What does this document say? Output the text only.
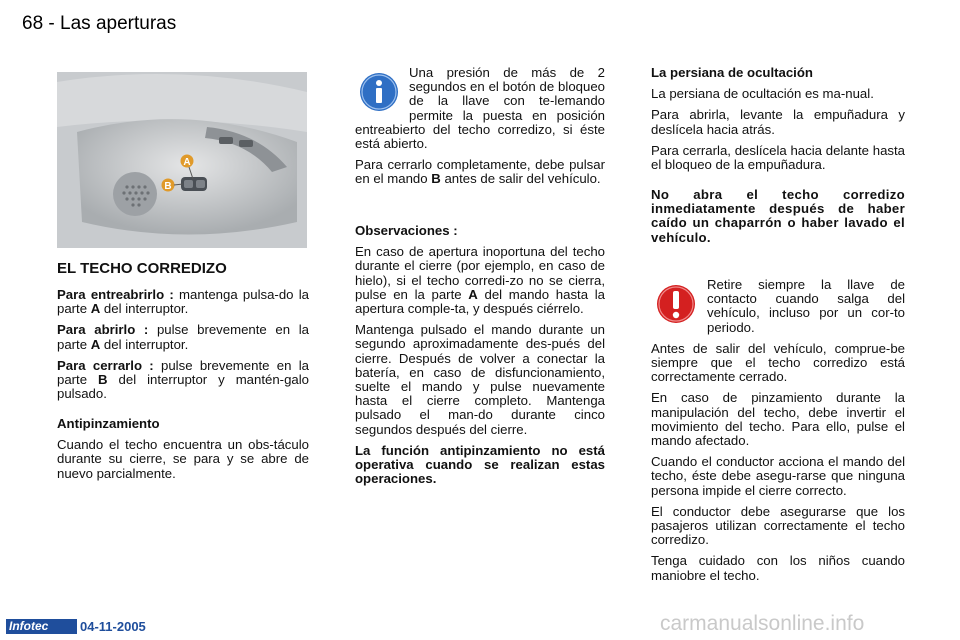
68 - Las aperturas
A
B
EL TECHO CORREDIZO

Para entreabrirlo : mantenga pulsa-do la parte A del interruptor.

Para abrirlo : pulse brevemente en la parte A del interruptor.

Para cerrarlo : pulse brevemente en la parte B del interruptor y mantén-galo pulsado.

Antipinzamiento

Cuando el techo encuentra un obs-táculo durante su cierre, se para y se abre de nuevo parcialmente.

Una presión de más de 2 segundos en el botón de bloqueo de la llave con te-lemando permite la puesta en posición entreabierto del techo corredizo, si éste está abierto.

Para cerrarlo completamente, debe pulsar en el mando B antes de salir del vehículo.

Observaciones :

En caso de apertura inoportuna del techo durante el cierre (por ejemplo, en caso de hielo), si el techo corredi-zo no se cierra, pulse en la parte A del mando hasta la apertura comple-ta, y después ciérrelo.

Mantenga pulsado el mando durante un segundo aproximadamente des-pués del cierre. Después de volver a conectar la batería, en caso de disfuncionamiento, suelte el mando y pulse nuevamente hasta el cierre completo. Mantenga pulsado el man-do durante cinco segundos después del cierre.

La función antipinzamiento no está operativa cuando se realizan estas operaciones.

La persiana de ocultación

La persiana de ocultación es ma-nual.

Para abrirla, levante la empuñadura y deslícela hacia atrás.

Para cerrarla, deslícela hacia delante hasta el bloqueo de la empuñadura.

No abra el techo corredizo inmediatamente después de haber caído un chaparrón o haber lavado el vehículo.

Retire siempre la llave de contacto cuando salga del vehículo, incluso por un cor-to periodo.

Antes de salir del vehículo, comprue-be siempre que el techo corredizo está correctamente cerrado.

En caso de pinzamiento durante la manipulación del techo, debe invertir el movimiento del techo. Para ello, pulse el mando afectado.

Cuando el conductor acciona el mando del techo, éste debe asegu-rarse que ninguna persona impide el cierre correcto.

El conductor debe asegurarse que los pasajeros utilizan correctamente el techo corredizo.

Tenga cuidado con los niños cuando maniobre el techo.

Infotec	04-11-2005	carmanualsonline.info
